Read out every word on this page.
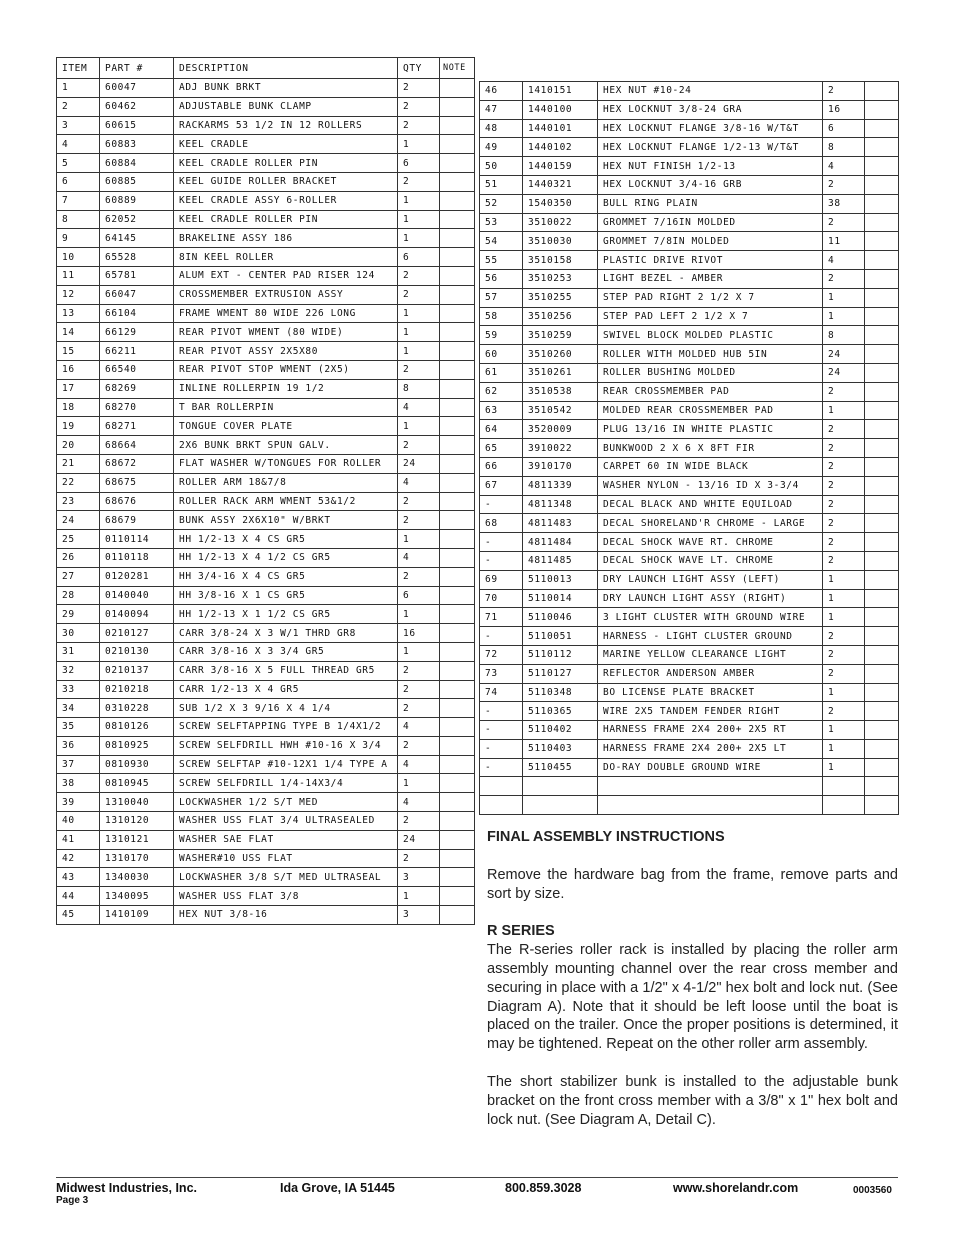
ITEM	PART #	DESCRIPTION	QTY	NOTE
1	60047	ADJ BUNK BRKT	2	
2	60462	ADJUSTABLE BUNK CLAMP	2	
3	60615	RACKARMS 53 1/2 IN 12 ROLLERS	2	
4	60883	KEEL CRADLE	1	
5	60884	KEEL CRADLE ROLLER PIN	6	
6	60885	KEEL GUIDE ROLLER BRACKET	2	
7	60889	KEEL CRADLE ASSY 6-ROLLER	1	
8	62052	KEEL CRADLE ROLLER PIN	1	
9	64145	BRAKELINE ASSY 186	1	
10	65528	8IN KEEL ROLLER	6	
11	65781	ALUM EXT - CENTER PAD RISER 124	2	
12	66047	CROSSMEMBER EXTRUSION ASSY	2	
13	66104	FRAME WMENT 80 WIDE 226 LONG	1	
14	66129	REAR PIVOT WMENT (80 WIDE)	1	
15	66211	REAR PIVOT ASSY 2X5X80	1	
16	66540	REAR PIVOT STOP WMENT (2X5)	2	
17	68269	INLINE ROLLERPIN 19 1/2	8	
18	68270	T BAR ROLLERPIN	4	
19	68271	TONGUE COVER PLATE	1	
20	68664	2X6 BUNK BRKT SPUN GALV.	2	
21	68672	FLAT WASHER W/TONGUES FOR ROLLER	24	
22	68675	ROLLER ARM 18&7/8	4	
23	68676	ROLLER RACK ARM WMENT 53&1/2	2	
24	68679	BUNK ASSY 2X6X10" W/BRKT	2	
25	0110114	HH 1/2-13 X 4 CS GR5	1	
26	0110118	HH 1/2-13 X 4 1/2 CS GR5	4	
27	0120281	HH 3/4-16 X 4 CS GR5	2	
28	0140040	HH 3/8-16 X 1 CS GR5	6	
29	0140094	HH 1/2-13 X 1 1/2 CS GR5	1	
30	0210127	CARR 3/8-24 X 3 W/1 THRD GR8	16	
31	0210130	CARR 3/8-16 X 3 3/4 GR5	1	
32	0210137	CARR 3/8-16 X 5 FULL THREAD GR5	2	
33	0210218	CARR 1/2-13 X 4 GR5	2	
34	0310228	SUB 1/2 X 3 9/16 X 4 1/4	2	
35	0810126	SCREW SELFTAPPING TYPE B 1/4X1/2	4	
36	0810925	SCREW SELFDRILL HWH #10-16 X 3/4	2	
37	0810930	SCREW SELFTAP #10-12X1 1/4 TYPE A	4	
38	0810945	SCREW SELFDRILL 1/4-14X3/4	1	
39	1310040	LOCKWASHER 1/2 S/T MED	4	
40	1310120	WASHER USS FLAT 3/4 ULTRASEALED	2	
41	1310121	WASHER SAE FLAT	24	
42	1310170	WASHER#10 USS FLAT	2	
43	1340030	LOCKWASHER 3/8 S/T MED ULTRASEAL	3	
44	1340095	WASHER USS FLAT 3/8	1	
45	1410109	HEX NUT 3/8-16	3	
46	1410151	HEX NUT #10-24	2	
47	1440100	HEX LOCKNUT 3/8-24 GRA	16	
48	1440101	HEX LOCKNUT FLANGE 3/8-16 W/T&T	6	
49	1440102	HEX LOCKNUT FLANGE 1/2-13 W/T&T	8	
50	1440159	HEX NUT FINISH 1/2-13	4	
51	1440321	HEX LOCKNUT 3/4-16 GRB	2	
52	1540350	BULL RING PLAIN	38	
53	3510022	GROMMET 7/16IN MOLDED	2	
54	3510030	GROMMET 7/8IN MOLDED	11	
55	3510158	PLASTIC DRIVE RIVOT	4	
56	3510253	LIGHT BEZEL - AMBER	2	
57	3510255	STEP PAD RIGHT 2 1/2 X 7	1	
58	3510256	STEP PAD LEFT 2 1/2 X 7	1	
59	3510259	SWIVEL BLOCK MOLDED PLASTIC	8	
60	3510260	ROLLER WITH MOLDED HUB 5IN	24	
61	3510261	ROLLER BUSHING MOLDED	24	
62	3510538	REAR CROSSMEMBER PAD	2	
63	3510542	MOLDED REAR CROSSMEMBER PAD	1	
64	3520009	PLUG 13/16 IN WHITE PLASTIC	2	
65	3910022	BUNKWOOD 2 X 6 X 8FT FIR	2	
66	3910170	CARPET 60 IN WIDE BLACK	2	
67	4811339	WASHER NYLON - 13/16 ID X 3-3/4	2	
-	4811348	DECAL BLACK AND WHITE EQUILOAD	2	
68	4811483	DECAL SHORELAND'R CHROME - LARGE	2	
-	4811484	DECAL SHOCK WAVE RT. CHROME	2	
-	4811485	DECAL SHOCK WAVE LT. CHROME	2	
69	5110013	DRY LAUNCH LIGHT ASSY (LEFT)	1	
70	5110014	DRY LAUNCH LIGHT ASSY (RIGHT)	1	
71	5110046	3 LIGHT CLUSTER WITH GROUND WIRE	1	
-	5110051	HARNESS - LIGHT CLUSTER GROUND	2	
72	5110112	MARINE YELLOW CLEARANCE LIGHT	2	
73	5110127	REFLECTOR ANDERSON AMBER	2	
74	5110348	BO LICENSE PLATE BRACKET	1	
-	5110365	WIRE 2X5 TANDEM FENDER RIGHT	2	
-	5110402	HARNESS FRAME 2X4 200+ 2X5 RT	1	
-	5110403	HARNESS FRAME 2X4 200+ 2X5 LT	1	
-	5110455	DO-RAY DOUBLE GROUND WIRE	1	

FINAL ASSEMBLY INSTRUCTIONS

Remove the hardware bag from the frame, remove parts and sort by size.

R SERIES

The R-series roller rack is installed by placing the roller arm assembly mounting channel over the rear cross member and securing in place with a 1/2" x 4-1/2" hex bolt and lock nut. (See Diagram A). Note that it should be left loose until the boat is placed on the trailer. Once the proper positions is determined, it may be tightened. Repeat on the other roller arm assembly.

The short stabilizer bunk is installed to the adjustable bunk bracket on the front cross member with a 3/8" x 1" hex bolt and lock nut. (See Diagram A, Detail C).

Midwest Industries, Inc.
Page 3
Ida Grove, IA 51445	800.859.3028	www.shorelandr.com	0003560
